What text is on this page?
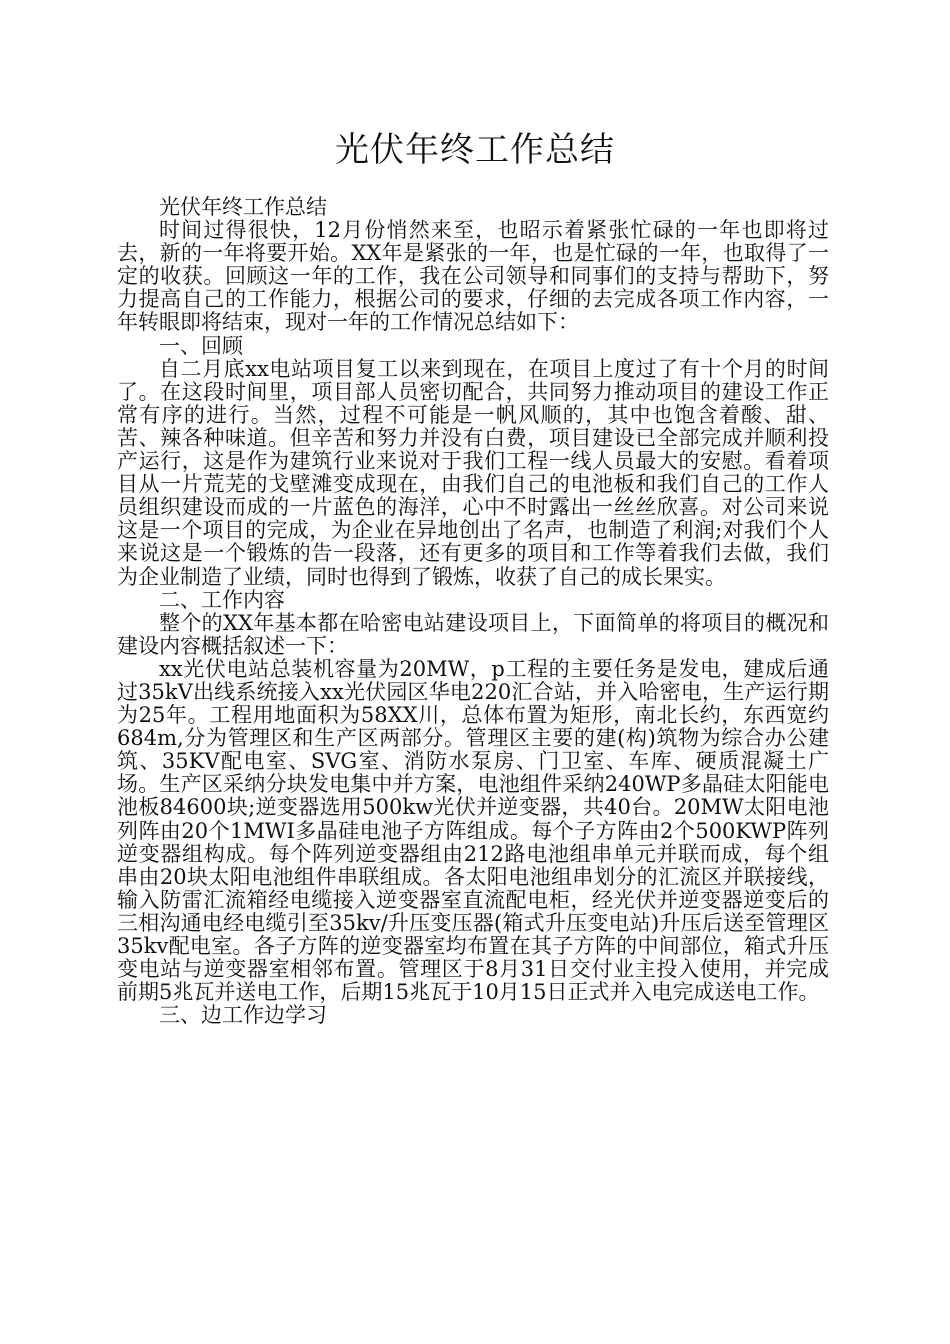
光伏年终工作总结

光伏年终工作总结

时间过得很快，12月份悄然来至，也昭示着紧张忙碌的一年也即将过去，新的一年将要开始。XX年是紧张的一年，也是忙碌的一年，也取得了一定的收获。回顾这一年的工作，我在公司领导和同事们的支持与帮助下，努力提高自己的工作能力，根据公司的要求，仔细的去完成各项工作内容，一年转眼即将结束，现对一年的工作情况总结如下：

一、回顾

自二月底xx电站项目复工以来到现在，在项目上度过了有十个月的时间了。在这段时间里，项目部人员密切配合，共同努力推动项目的建设工作正常有序的进行。当然，过程不可能是一帆风顺的，其中也饱含着酸、甜、苦、辣各种味道。但辛苦和努力并没有白费，项目建设已全部完成并顺利投产运行，这是作为建筑行业来说对于我们工程一线人员最大的安慰。看着项目从一片荒芜的戈壁滩变成现在，由我们自己的电池板和我们自己的工作人员组织建设而成的一片蓝色的海洋，心中不时露出一丝丝欣喜。对公司来说这是一个项目的完成，为企业在异地创出了名声，也制造了利润;对我们个人来说这是一个锻炼的告一段落，还有更多的项目和工作等着我们去做，我们为企业制造了业绩，同时也得到了锻炼，收获了自己的成长果实。

二、工作内容

整个的XX年基本都在哈密电站建设项目上，下面简单的将项目的概况和建设内容概括叙述一下：

xx光伏电站总装机容量为20MW，p工程的主要任务是发电，建成后通过35kV出线系统接入xx光伏园区华电220汇合站，并入哈密电，生产运行期为25年。工程用地面积为58XX川，总体布置为矩形，南北长约，东西宽约684m,分为管理区和生产区两部分。管理区主要的建(构)筑物为综合办公建筑、35KV配电室、SVG室、消防水泵房、门卫室、车库、硬质混凝土广场。生产区采纳分块发电集中并方案，电池组件采纳240WP多晶硅太阳能电池板84600块;逆变器选用500kw光伏并逆变器，共40台。20MW太阳电池列阵由20个1MWI多晶硅电池子方阵组成。每个子方阵由2个500KWP阵列逆变器组构成。每个阵列逆变器组由212路电池组串单元并联而成，每个组串由20块太阳电池组件串联组成。各太阳电池组串划分的汇流区并联接线，输入防雷汇流箱经电缆接入逆变器室直流配电柜，经光伏并逆变器逆变后的三相沟通电经电缆引至35kv/升压变压器(箱式升压变电站)升压后送至管理区35kv配电室。各子方阵的逆变器室均布置在其子方阵的中间部位，箱式升压变电站与逆变器室相邻布置。管理区于8月31日交付业主投入使用，并完成前期5兆瓦并送电工作，后期15兆瓦于10月15日正式并入电完成送电工作。

三、边工作边学习
